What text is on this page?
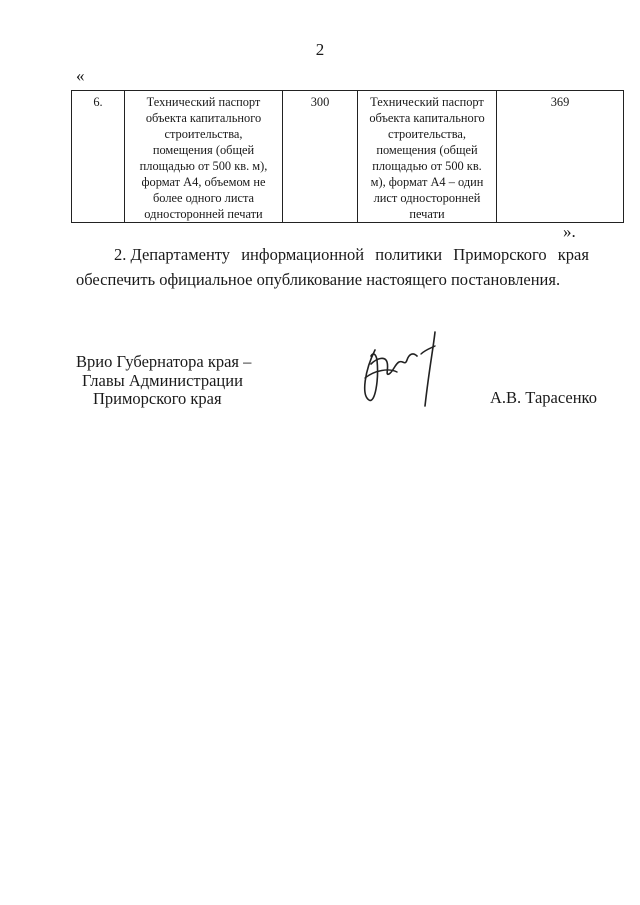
2
«
6.	Технический паспорт
объекта капитального
строительства,
помещения (общей
площадью от 500 кв. м),
формат А4, объемом не
более одного листа
односторонней печати
	300	Технический паспорт
объекта капитального
строительства,
помещения (общей
площадью от 500 кв.
м), формат А4 – один
лист односторонней
печати
	369
».
2. Департаменту информационной политики Приморского края
обеспечить официальное опубликование настоящего постановления.
Врио Губернатора края –
Главы Администрации
Приморского края	А.В. Тарасенко
